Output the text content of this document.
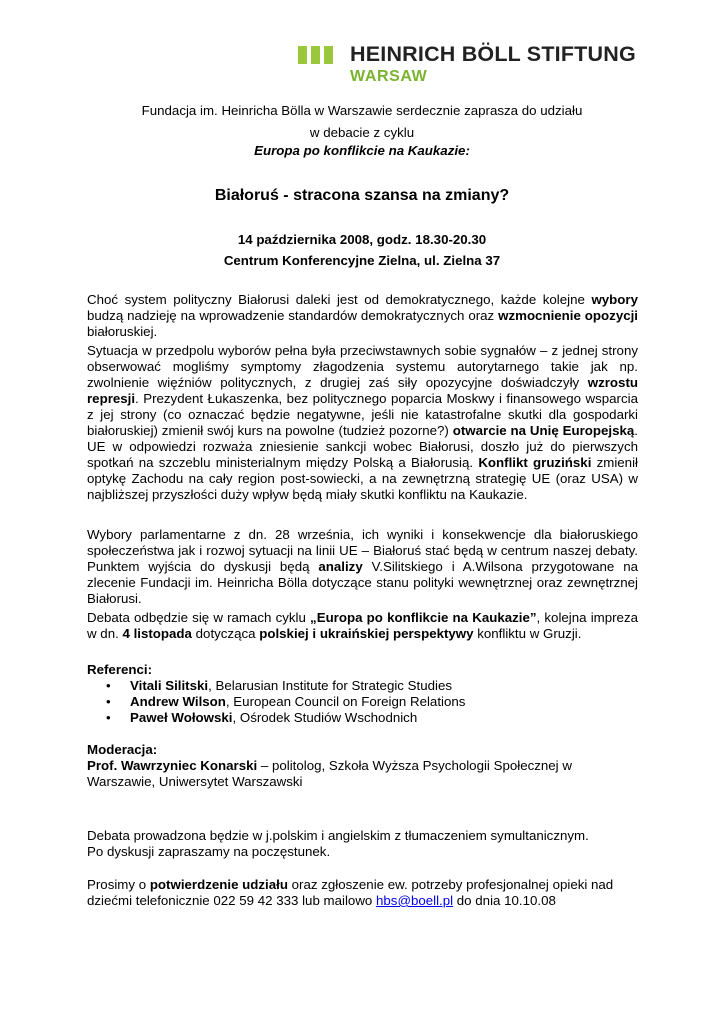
HEINRICH BÖLL STIFTUNG
WARSAW
Fundacja im. Heinricha Bölla w Warszawie serdecznie zaprasza do udziału
w debacie z cyklu
Europa po konflikcie na Kaukazie:
Białoruś - stracona szansa na zmiany?
14 października 2008, godz. 18.30-20.30
Centrum Konferencyjne Zielna, ul. Zielna 37

Choć system polityczny Białorusi daleki jest od demokratycznego, każde kolejne wybory budzą nadzieję na wprowadzenie standardów demokratycznych oraz wzmocnienie opozycji białoruskiej.

Sytuacja w przedpolu wyborów pełna była przeciwstawnych sobie sygnałów – z jednej strony obserwować mogliśmy symptomy złagodzenia systemu autorytarnego takie jak np. zwolnienie więźniów politycznych, z drugiej zaś siły opozycyjne doświadczyły wzrostu represji. Prezydent Łukaszenka, bez politycznego poparcia Moskwy i finansowego wsparcia z jej strony (co oznaczać będzie negatywne, jeśli nie katastrofalne skutki dla gospodarki białoruskiej) zmienił swój kurs na powolne (tudzież pozorne?) otwarcie na Unię Europejską. UE w odpowiedzi rozważa zniesienie sankcji wobec Białorusi, doszło już do pierwszych spotkań na szczeblu ministerialnym między Polską a Białorusią. Konflikt gruziński zmienił optykę Zachodu na cały region post-sowiecki, a na zewnętrzną strategię UE (oraz USA) w najbliższej przyszłości duży wpływ będą miały skutki konfliktu na Kaukazie.

Wybory parlamentarne z dn. 28 września, ich wyniki i konsekwencje dla białoruskiego społeczeństwa jak i rozwoj sytuacji na linii UE – Białoruś stać będą w centrum naszej debaty. Punktem wyjścia do dyskusji będą analizy V.Silitskiego i A.Wilsona przygotowane na zlecenie Fundacji im. Heinricha Bölla dotyczące stanu polityki wewnętrznej oraz zewnętrznej Białorusi.

Debata odbędzie się w ramach cyklu „Europa po konflikcie na Kaukazie”, kolejna impreza w dn. 4 listopada dotycząca polskiej i ukraińskiej perspektywy konfliktu w Gruzji.

Referenci:

• Vitali Silitski, Belarusian Institute for Strategic Studies
• Andrew Wilson, European Council on Foreign Relations
• Paweł Wołowski, Ośrodek Studiów Wschodnich

Moderacja:

Prof. Wawrzyniec Konarski – politolog, Szkoła Wyższa Psychologii Społecznej w Warszawie, Uniwersytet Warszawski

Debata prowadzona będzie w j.polskim i angielskim z tłumaczeniem symultanicznym.

Po dyskusji zapraszamy na poczęstunek.

Prosimy o potwierdzenie udziału oraz zgłoszenie ew. potrzeby profesjonalnej opieki nad dziećmi telefonicznie 022 59 42 333 lub mailowo hbs@boell.pl do dnia 10.10.08
